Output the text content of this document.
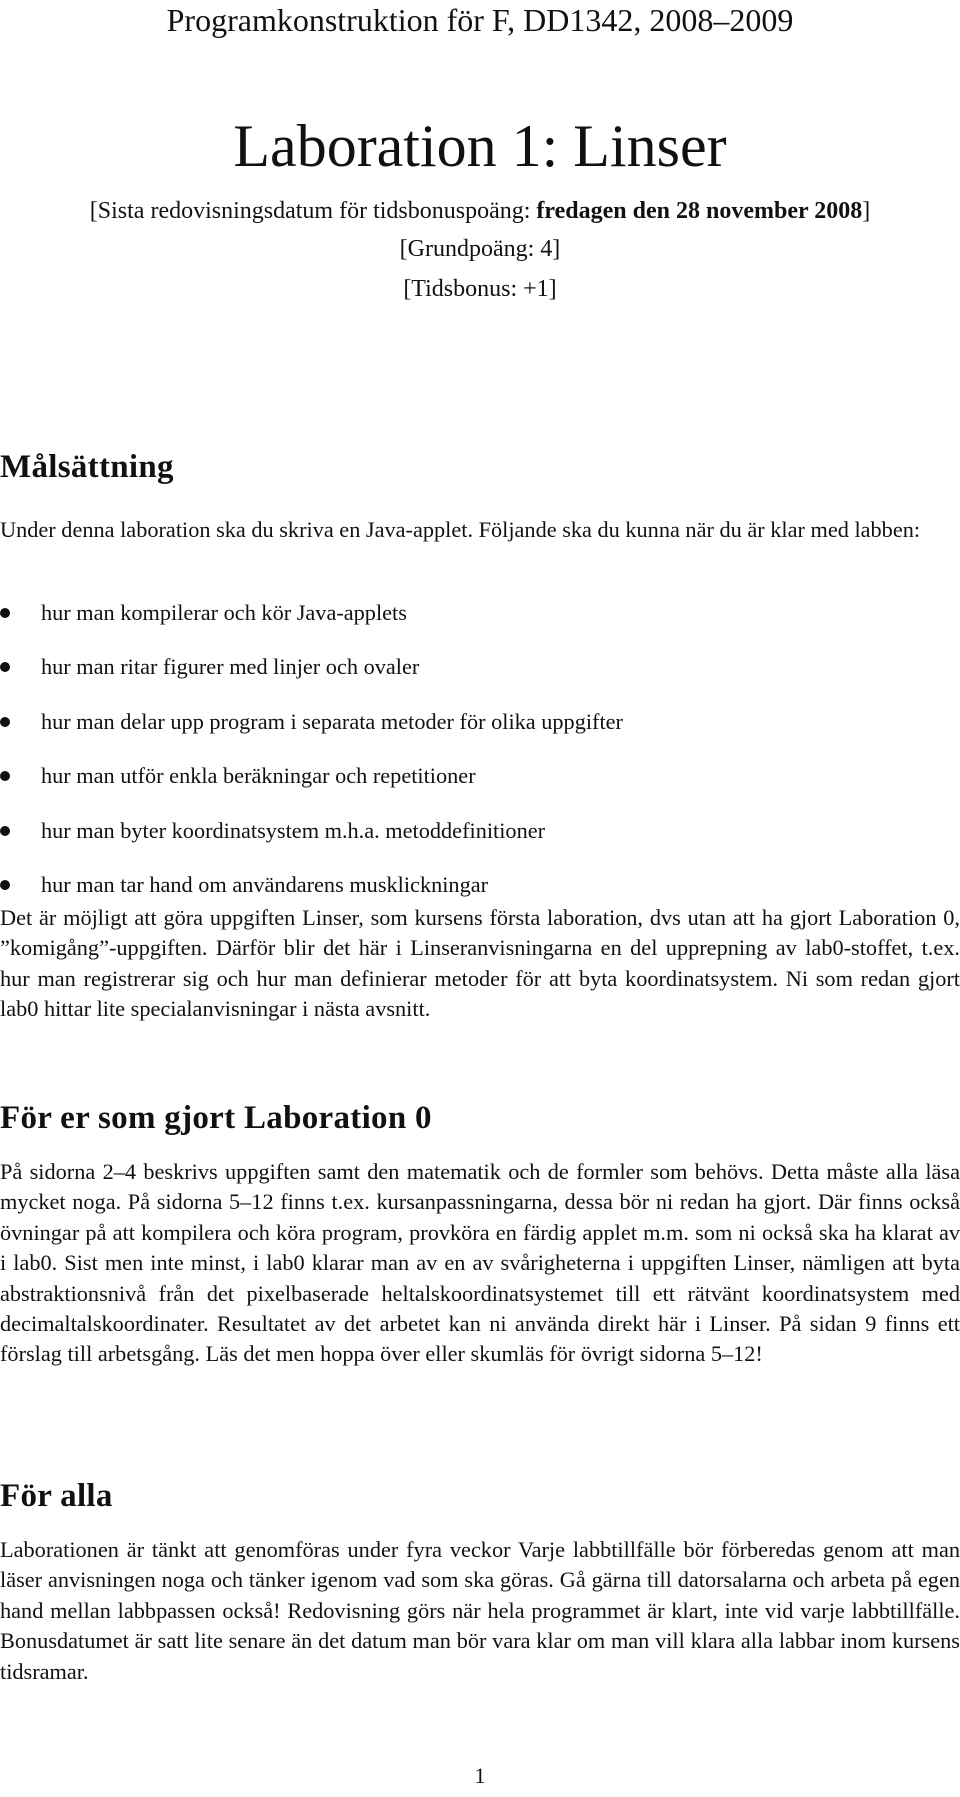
Programkonstruktion för F, DD1342, 2008–2009

Laboration 1: Linser

[Sista redovisningsdatum för tidsbonuspoäng: fredagen den 28 november 2008]

[Grundpoäng: 4]

[Tidsbonus: +1]

Målsättning

Under denna laboration ska du skriva en Java-applet. Följande ska du kunna när du är klar med labben:

hur man kompilerar och kör Java-applets
hur man ritar figurer med linjer och ovaler
hur man delar upp program i separata metoder för olika uppgifter
hur man utför enkla beräkningar och repetitioner
hur man byter koordinatsystem m.h.a. metoddefinitioner
hur man tar hand om användarens musklickningar

Det är möjligt att göra uppgiften Linser, som kursens första laboration, dvs utan att ha gjort Laboration 0, ”komigång”-uppgiften. Därför blir det här i Linseranvisningarna en del upprepning av lab0-stoffet, t.ex. hur man registrerar sig och hur man definierar metoder för att byta koordinatsystem. Ni som redan gjort lab0 hittar lite specialanvisningar i nästa avsnitt.

För er som gjort Laboration 0

På sidorna 2–4 beskrivs uppgiften samt den matematik och de formler som behövs. Detta måste alla läsa mycket noga. På sidorna 5–12 finns t.ex. kursanpassningarna, dessa bör ni redan ha gjort. Där finns också övningar på att kompilera och köra program, provköra en färdig applet m.m. som ni också ska ha klarat av i lab0. Sist men inte minst, i lab0 klarar man av en av svårigheterna i uppgiften Linser, nämligen att byta abstraktionsnivå från det pixelbaserade heltalskoordinatsystemet till ett rätvänt koordinatsystem med decimaltalskoordinater. Resultatet av det arbetet kan ni använda direkt här i Linser. På sidan 9 finns ett förslag till arbetsgång. Läs det men hoppa över eller skumläs för övrigt sidorna 5–12!

För alla

Laborationen är tänkt att genomföras under fyra veckor Varje labbtillfälle bör förberedas genom att man läser anvisningen noga och tänker igenom vad som ska göras. Gå gärna till datorsalarna och arbeta på egen hand mellan labbpassen också! Redovisning görs när hela programmet är klart, inte vid varje labbtillfälle. Bonusdatumet är satt lite senare än det datum man bör vara klar om man vill klara alla labbar inom kursens tidsramar.

1
